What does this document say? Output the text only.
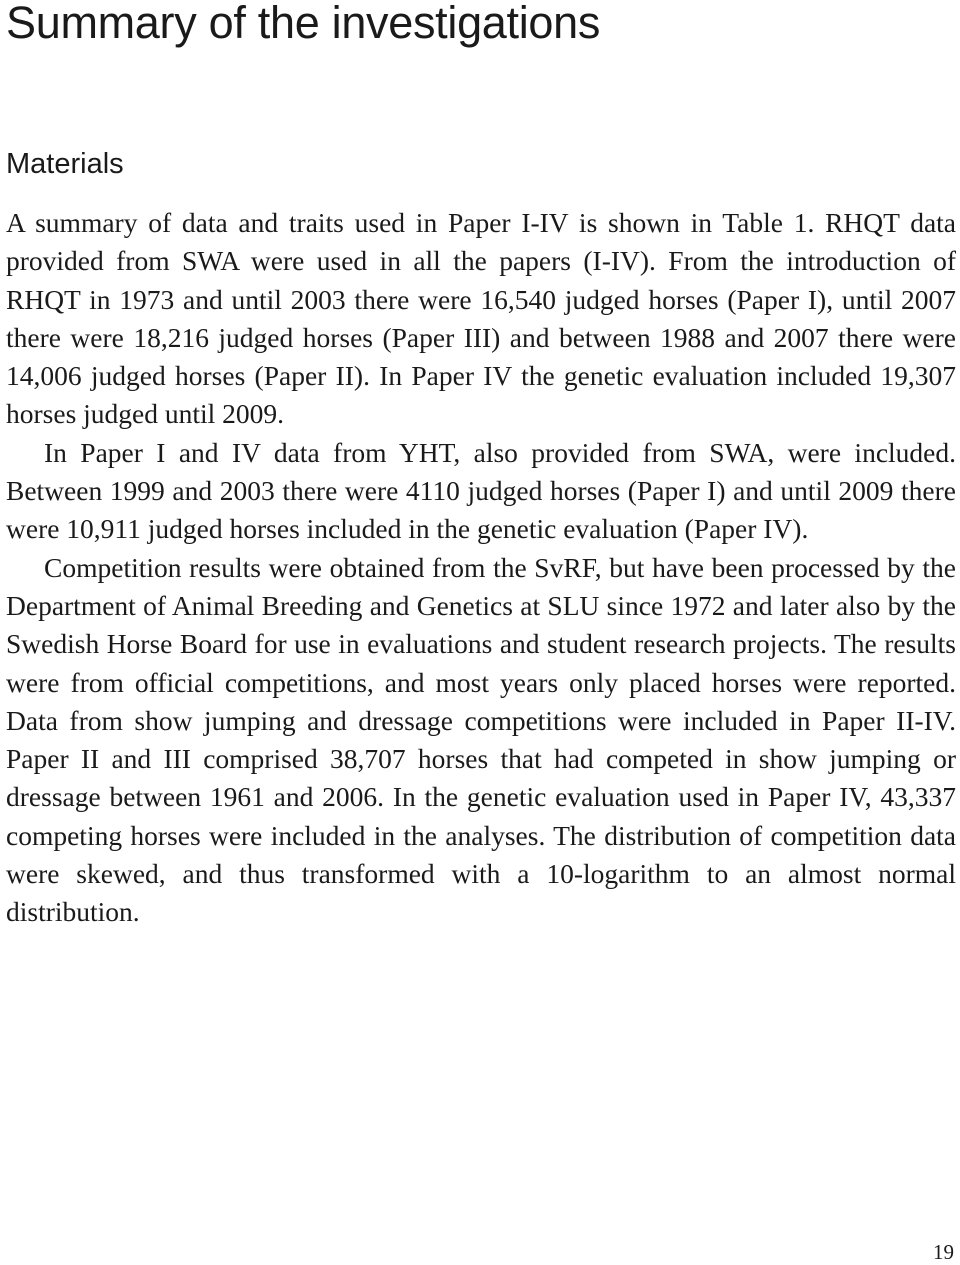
Summary of the investigations
Materials

A summary of data and traits used in Paper I-IV is shown in Table 1. RHQT data provided from SWA were used in all the papers (I-IV). From the introduction of RHQT in 1973 and until 2003 there were 16,540 judged horses (Paper I), until 2007 there were 18,216 judged horses (Paper III) and between 1988 and 2007 there were 14,006 judged horses (Paper II). In Paper IV the genetic evaluation included 19,307 horses judged until 2009.

In Paper I and IV data from YHT, also provided from SWA, were included. Between 1999 and 2003 there were 4110 judged horses (Paper I) and until 2009 there were 10,911 judged horses included in the genetic evaluation (Paper IV).

Competition results were obtained from the SvRF, but have been processed by the Department of Animal Breeding and Genetics at SLU since 1972 and later also by the Swedish Horse Board for use in evaluations and student research projects. The results were from official competitions, and most years only placed horses were reported. Data from show jumping and dressage competitions were included in Paper II-IV. Paper II and III comprised 38,707 horses that had competed in show jumping or dressage between 1961 and 2006. In the genetic evaluation used in Paper IV, 43,337 competing horses were included in the analyses. The distribution of competition data were skewed, and thus transformed with a 10-logarithm to an almost normal distribution.

19
